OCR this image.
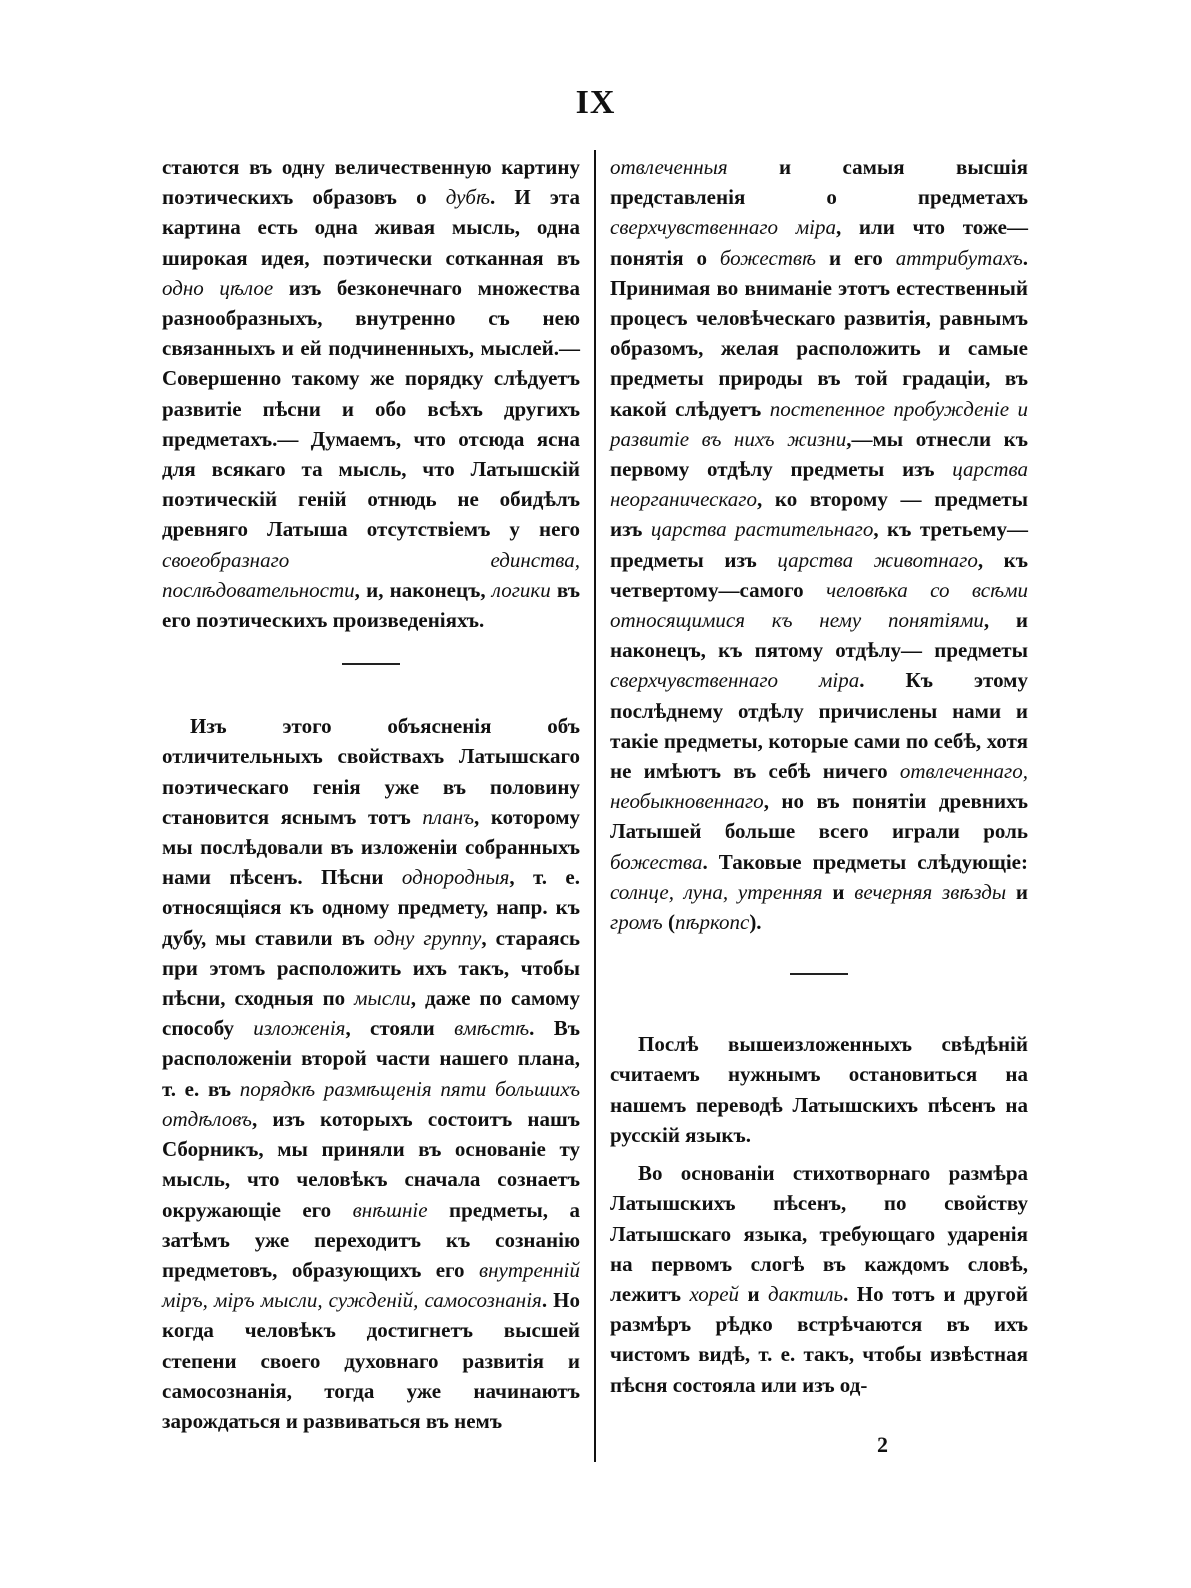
IX

стаются въ одну величественную картину поэтическихъ образовъ о дубѣ. И эта картина есть одна живая мысль, одна широкая идея, поэтически сотканная въ одно цѣлое изъ безконечнаго множества разнообразныхъ, внутренно съ нею связанныхъ и ей подчиненныхъ, мыслей.—Совершенно такому же порядку слѣдуетъ развитіе пѣсни и обо всѣхъ другихъ предметахъ.— Думаемъ, что отсюда ясна для всякаго та мысль, что Латышскій поэтическій геній отнюдь не обидѣлъ древняго Латыша отсутствіемъ у него своеобразнаго единства, послѣдовательности, и, наконецъ, логики въ его поэтическихъ произведеніяхъ.

Изъ этого объясненія объ отличительныхъ свойствахъ Латышскаго поэтическаго генія уже въ половину становится яснымъ тотъ планъ, которому мы послѣдовали въ изложеніи собранныхъ нами пѣсенъ. Пѣсни однородныя, т. е. относящіяся къ одному предмету, напр. къ дубу, мы ставили въ одну группу, стараясь при этомъ расположить ихъ такъ, чтобы пѣсни, сходныя по мысли, даже по самому способу изложенія, стояли вмѣстѣ. Въ расположеніи второй части нашего плана, т. е. въ порядкѣ размѣщенія пяти большихъ отдѣловъ, изъ которыхъ состоитъ нашъ Сборникъ, мы приняли въ основаніе ту мысль, что человѣкъ сначала сознаетъ окружающіе его внѣшніе предметы, а затѣмъ уже переходитъ къ сознанію предметовъ, образующихъ его внутренній міръ, міръ мысли, сужденій, самосознанія. Но когда человѣкъ достигнетъ высшей степени своего духовнаго развитія и самосознанія, тогда уже начинаютъ зарождаться и развиваться въ немъ

отвлеченныя и самыя высшія представленія о предметахъ сверхчувственнаго міра, или что тоже—понятія о божествѣ и его аттрибутахъ. Принимая во вниманіе этотъ естественный процесъ человѣческаго развитія, равнымъ образомъ, желая расположить и самые предметы природы въ той градаціи, въ какой слѣдуетъ постепенное пробужденіе и развитіе въ нихъ жизни,—мы отнесли къ первому отдѣлу предметы изъ царства неорганическаго, ко второму — предметы изъ царства растительнаго, къ третьему— предметы изъ царства животнаго, къ четвертому—самого человѣка со всѣми относящимися къ нему понятіями, и наконецъ, къ пятому отдѣлу— предметы сверхчувственнаго міра. Къ этому послѣднему отдѣлу причислены нами и такіе предметы, которые сами по себѣ, хотя не имѣютъ въ себѣ ничего отвлеченнаго, необыкновеннаго, но въ понятіи древнихъ Латышей больше всего играли роль божества. Таковые предметы слѣдующіе: солнце, луна, утренняя и вечерняя звѣзды и громъ (пѣркопс).

Послѣ вышеизложенныхъ свѣдѣній считаемъ нужнымъ остановиться на нашемъ переводѣ Латышскихъ пѣсенъ на русскій языкъ.

Во основаніи стихотворнаго размѣра Латышскихъ пѣсенъ, по свойству Латышскаго языка, требующаго ударенія на первомъ слогѣ въ каждомъ словѣ, лежитъ хорей и дактиль. Но тотъ и другой размѣръ рѣдко встрѣчаются въ ихъ чистомъ видѣ, т. е. такъ, чтобы извѣстная пѣсня состояла или изъ од-

2
